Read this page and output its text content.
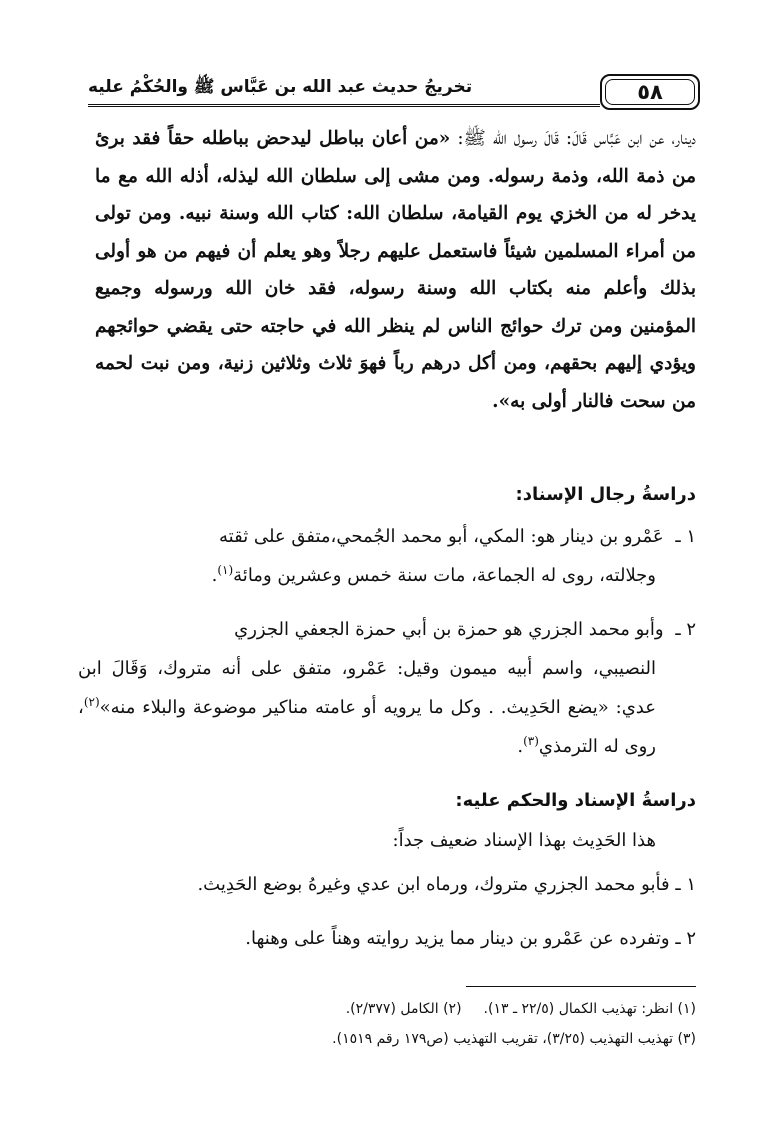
٥٨
تخريجُ حديث عبد الله بن عَبَّاس ﷺ والحُكْمُ عليه
دينار، عن ابن عَبَّاس قَالَ: قَالَ رسول الله ﷺ: «من أعان بباطل ليدحض بباطله حقاً فقد برئ من ذمة الله، وذمة رسوله. ومن مشى إلى سلطان الله ليذله، أذله الله مع ما يدخر له من الخزي يوم القيامة، سلطان الله: كتاب الله وسنة نبيه. ومن تولى من أمراء المسلمين شيئاً فاستعمل عليهم رجلاً وهو يعلم أن فيهم من هو أولى بذلك وأعلم منه بكتاب الله وسنة رسوله، فقد خان الله ورسوله وجميع المؤمنين ومن ترك حوائج الناس لم ينظر الله في حاجته حتى يقضي حوائجهم ويؤدي إليهم بحقهم، ومن أكل درهم رباً فهوَ ثلاث وثلاثين زنية، ومن نبت لحمه من سحت فالنار أولى به».
دراسةُ رجال الإسناد:
١ ـ عَمْرو بن دينار هو: المكي، أبو محمد الجُمحي،متفق على ثقته
وجلالته، روى له الجماعة، مات سنة خمس وعشرين ومائة$^{(١)}$.
٢ ـ وأبو محمد الجزري هو حمزة بن أبي حمزة الجعفي الجزري
النصيبي، واسم أبيه ميمون وقيل: عَمْرو، متفق على أنه متروك، وَقَالَ ابن عدي: «يضع الحَدِيث. . وكل ما يرويه أو عامته مناكير موضوعة والبلاء منه»$^{(٢)}$، روى له الترمذي$^{(٣)}$.
دراسةُ الإسناد والحكم عليه:
هذا الحَدِيث بهذا الإسناد ضعيف جداً:
١ ـ فأبو محمد الجزري متروك، ورماه ابن عدي وغيرهُ بوضع الحَدِيث.
٢ ـ وتفرده عن عَمْرو بن دينار مما يزيد روايته وهناً على وهنها.
(١) انظر: تهذيب الكمال (٢٢/٥ ـ ١٣).(٢) الكامل (٢/٣٧٧).
(٣) تهذيب التهذيب (٣/٢٥)، تقريب التهذيب (ص١٧٩ رقم ١٥١٩).
